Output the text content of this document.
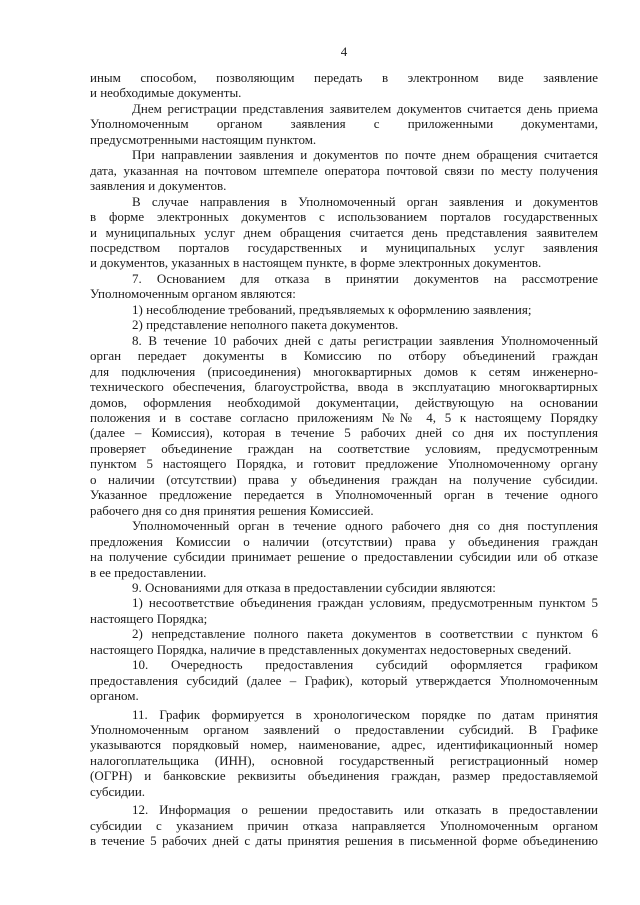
4
иным способом, позволяющим передать в электронном виде заявление
и необходимые документы.
Днем регистрации представления заявителем документов считается день приема
Уполномоченным органом заявления с приложенными документами,
предусмотренными настоящим пунктом.
При направлении заявления и документов по почте днем обращения считается
дата, указанная на почтовом штемпеле оператора почтовой связи по месту получения
заявления и документов.
В случае направления в Уполномоченный орган заявления и документов
в форме электронных документов с использованием порталов государственных
и муниципальных услуг днем обращения считается день представления заявителем
посредством порталов государственных и муниципальных услуг заявления
и документов, указанных в настоящем пункте, в форме электронных документов.
7. Основанием для отказа в принятии документов на рассмотрение
Уполномоченным органом являются:
1) несоблюдение требований, предъявляемых к оформлению заявления;
2) представление неполного пакета документов.
8. В течение 10 рабочих дней с даты регистрации заявления Уполномоченный
орган передает документы в Комиссию по отбору объединений граждан
для подключения (присоединения) многоквартирных домов к сетям инженерно-
технического обеспечения, благоустройства, ввода в эксплуатацию многоквартирных
домов, оформления необходимой документации, действующую на основании
положения и в составе согласно приложениям №№ 4, 5 к настоящему Порядку
(далее – Комиссия), которая в течение 5 рабочих дней со дня их поступления
проверяет объединение граждан на соответствие условиям, предусмотренным
пунктом 5 настоящего Порядка, и готовит предложение Уполномоченному органу
о наличии (отсутствии) права у объединения граждан на получение субсидии.
Указанное предложение передается в Уполномоченный орган в течение одного
рабочего дня со дня принятия решения Комиссией.
Уполномоченный орган в течение одного рабочего дня со дня поступления
предложения Комиссии о наличии (отсутствии) права у объединения граждан
на получение субсидии принимает решение о предоставлении субсидии или об отказе
в ее предоставлении.
9. Основаниями для отказа в предоставлении субсидии являются:
1) несоответствие объединения граждан условиям, предусмотренным пунктом 5
настоящего Порядка;
2) непредставление полного пакета документов в соответствии с пунктом 6
настоящего Порядка, наличие в представленных документах недостоверных сведений.
10. Очередность предоставления субсидий оформляется графиком
предоставления субсидий (далее – График), который утверждается Уполномоченным
органом.
11. График формируется в хронологическом порядке по датам принятия
Уполномоченным органом заявлений о предоставлении субсидий. В Графике
указываются порядковый номер, наименование, адрес, идентификационный номер
налогоплательщика (ИНН), основной государственный регистрационный номер
(ОГРН) и банковские реквизиты объединения граждан, размер предоставляемой
субсидии.
12. Информация о решении предоставить или отказать в предоставлении
субсидии с указанием причин отказа направляется Уполномоченным органом
в течение 5 рабочих дней с даты принятия решения в письменной форме объединению
